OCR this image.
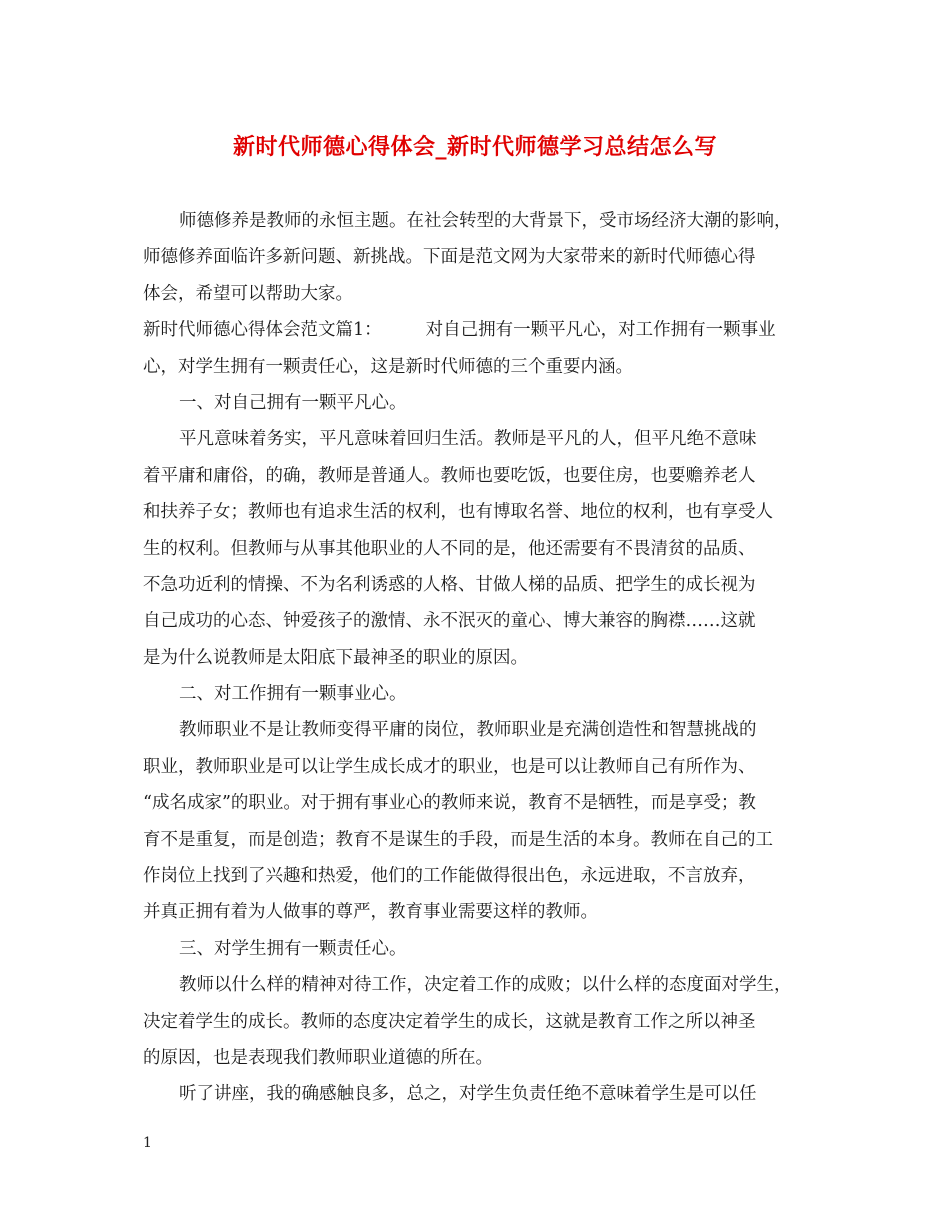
新时代师德心得体会_新时代师德学习总结怎么写
师德修养是教师的永恒主题。在社会转型的大背景下，受市场经济大潮的影响，
师德修养面临许多新问题、新挑战。下面是范文网为大家带来的新时代师德心得
体会，希望可以帮助大家。
新时代师德心得体会范文篇1：	对自己拥有一颗平凡心，对工作拥有一颗事业
心，对学生拥有一颗责任心，这是新时代师德的三个重要内涵。
一、对自己拥有一颗平凡心。
平凡意味着务实，平凡意味着回归生活。教师是平凡的人，但平凡绝不意味
着平庸和庸俗，的确，教师是普通人。教师也要吃饭，也要住房，也要赡养老人
和扶养子女；教师也有追求生活的权利，也有博取名誉、地位的权利，也有享受人
生的权利。但教师与从事其他职业的人不同的是，他还需要有不畏清贫的品质、
不急功近利的情操、不为名利诱惑的人格、甘做人梯的品质、把学生的成长视为
自己成功的心态、钟爱孩子的激情、永不泯灭的童心、博大兼容的胸襟……这就
是为什么说教师是太阳底下最神圣的职业的原因。
二、对工作拥有一颗事业心。
教师职业不是让教师变得平庸的岗位，教师职业是充满创造性和智慧挑战的
职业，教师职业是可以让学生成长成才的职业，也是可以让教师自己有所作为、
“成名成家”的职业。对于拥有事业心的教师来说，教育不是牺牲，而是享受；教
育不是重复，而是创造；教育不是谋生的手段，而是生活的本身。教师在自己的工
作岗位上找到了兴趣和热爱，他们的工作能做得很出色，永远进取，不言放弃，
并真正拥有着为人做事的尊严，教育事业需要这样的教师。
三、对学生拥有一颗责任心。
教师以什么样的精神对待工作，决定着工作的成败；以什么样的态度面对学生，
决定着学生的成长。教师的态度决定着学生的成长，这就是教育工作之所以神圣
的原因，也是表现我们教师职业道德的所在。
听了讲座，我的确感触良多，总之，对学生负责任绝不意味着学生是可以任
1
